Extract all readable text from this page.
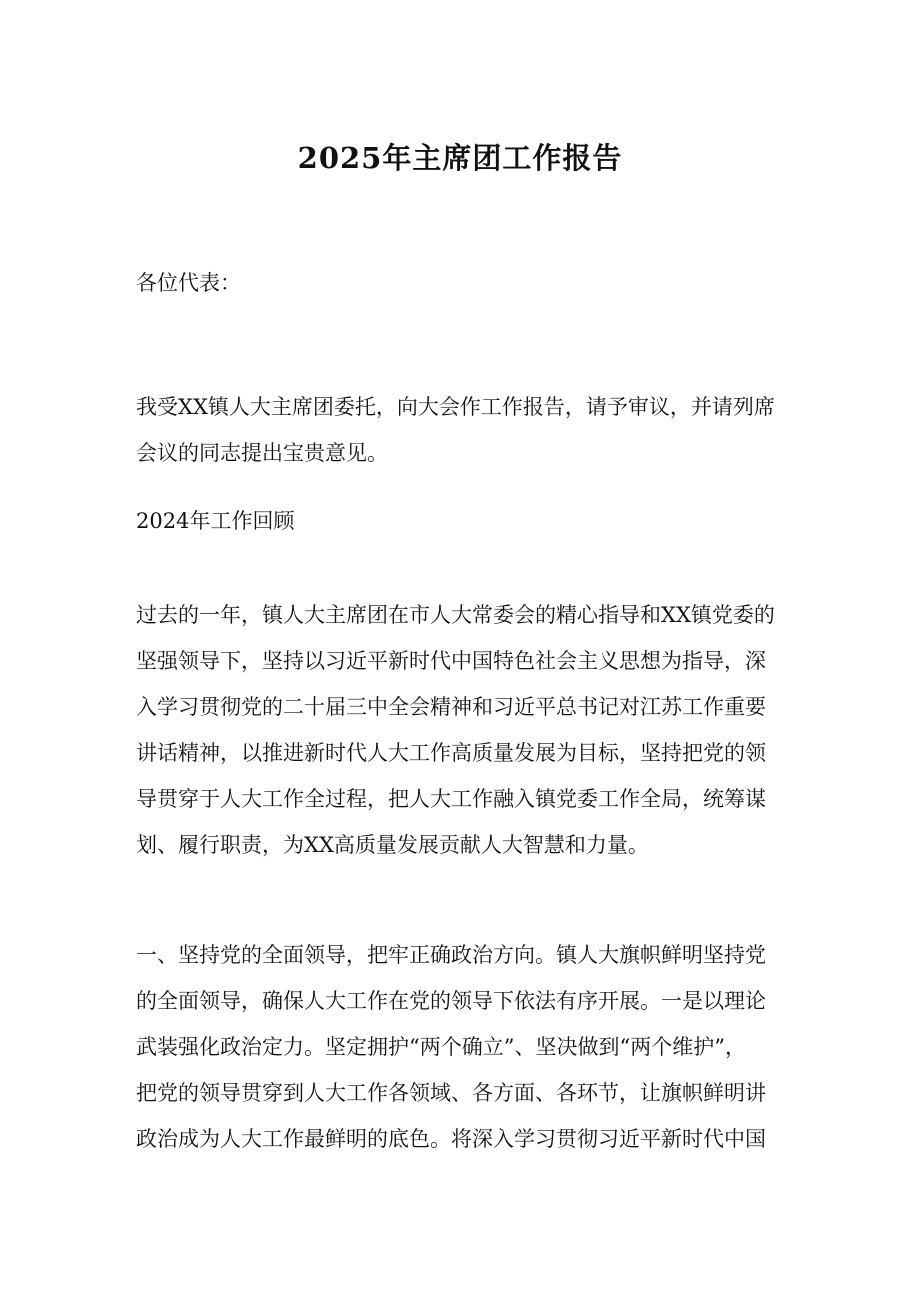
2025年主席团工作报告
各位代表：
我受XX镇人大主席团委托，向大会作工作报告，请予审议，并请列席
会议的同志提出宝贵意见。
2024年工作回顾
过去的一年，镇人大主席团在市人大常委会的精心指导和XX镇党委的
坚强领导下，坚持以习近平新时代中国特色社会主义思想为指导，深
入学习贯彻党的二十届三中全会精神和习近平总书记对江苏工作重要
讲话精神，以推进新时代人大工作高质量发展为目标，坚持把党的领
导贯穿于人大工作全过程，把人大工作融入镇党委工作全局，统筹谋
划、履行职责，为XX高质量发展贡献人大智慧和力量。
一、坚持党的全面领导，把牢正确政治方向。镇人大旗帜鲜明坚持党
的全面领导，确保人大工作在党的领导下依法有序开展。一是以理论
武装强化政治定力。坚定拥护“两个确立”、坚决做到“两个维护”，
把党的领导贯穿到人大工作各领域、各方面、各环节，让旗帜鲜明讲
政治成为人大工作最鲜明的底色。将深入学习贯彻习近平新时代中国
